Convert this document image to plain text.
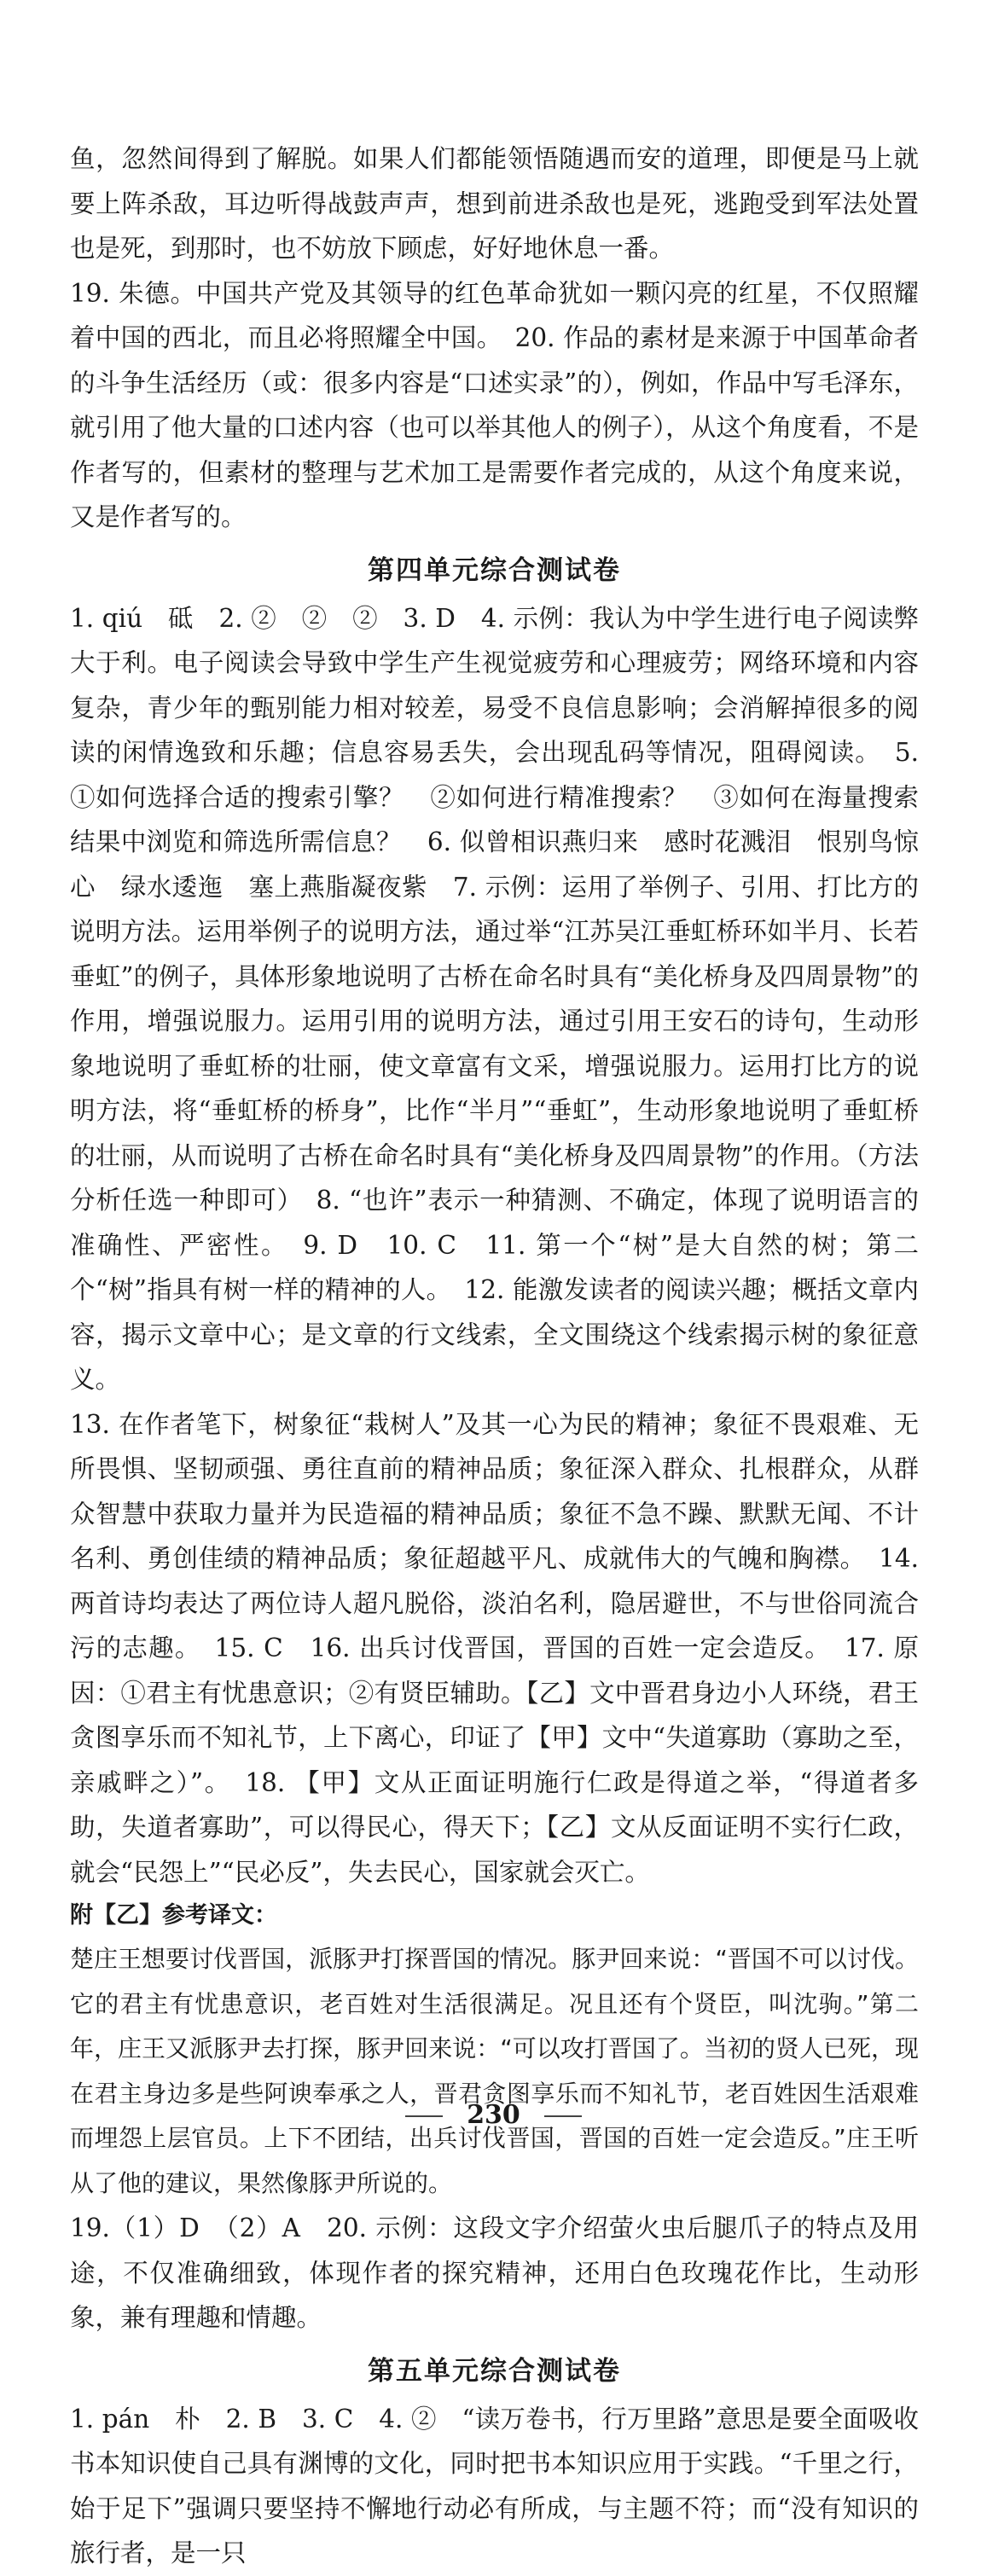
鱼，忽然间得到了解脱。如果人们都能领悟随遇而安的道理，即便是马上就要上阵杀敌，耳边听得战鼓声声，想到前进杀敌也是死，逃跑受到军法处置也是死，到那时，也不妨放下顾虑，好好地休息一番。

19. 朱德。中国共产党及其领导的红色革命犹如一颗闪亮的红星，不仅照耀着中国的西北，而且必将照耀全中国。　20. 作品的素材是来源于中国革命者的斗争生活经历（或：很多内容是“口述实录”的），例如，作品中写毛泽东，就引用了他大量的口述内容（也可以举其他人的例子），从这个角度看，不是作者写的，但素材的整理与艺术加工是需要作者完成的，从这个角度来说，又是作者写的。

第四单元综合测试卷

1. qiú　砥　2. ②　②　②　3. D　4. 示例：我认为中学生进行电子阅读弊大于利。电子阅读会导致中学生产生视觉疲劳和心理疲劳；网络环境和内容复杂，青少年的甄别能力相对较差，易受不良信息影响；会消解掉很多的阅读的闲情逸致和乐趣；信息容易丢失，会出现乱码等情况，阻碍阅读。　5. ①如何选择合适的搜索引擎？　②如何进行精准搜索？　③如何在海量搜索结果中浏览和筛选所需信息？　6. 似曾相识燕归来　感时花溅泪　恨别鸟惊心　绿水逶迤　塞上燕脂凝夜紫　7. 示例：运用了举例子、引用、打比方的说明方法。运用举例子的说明方法，通过举“江苏吴江垂虹桥环如半月、长若垂虹”的例子，具体形象地说明了古桥在命名时具有“美化桥身及四周景物”的作用，增强说服力。运用引用的说明方法，通过引用王安石的诗句，生动形象地说明了垂虹桥的壮丽，使文章富有文采，增强说服力。运用打比方的说明方法，将“垂虹桥的桥身”，比作“半月”“垂虹”，生动形象地说明了垂虹桥的壮丽，从而说明了古桥在命名时具有“美化桥身及四周景物”的作用。（方法分析任选一种即可）　8. “也许”表示一种猜测、不确定，体现了说明语言的准确性、严密性。　9. D　10. C　11. 第一个“树”是大自然的树；第二个“树”指具有树一样的精神的人。　12. 能激发读者的阅读兴趣；概括文章内容，揭示文章中心；是文章的行文线索，全文围绕这个线索揭示树的象征意义。

13. 在作者笔下，树象征“栽树人”及其一心为民的精神；象征不畏艰难、无所畏惧、坚韧顽强、勇往直前的精神品质；象征深入群众、扎根群众，从群众智慧中获取力量并为民造福的精神品质；象征不急不躁、默默无闻、不计名利、勇创佳绩的精神品质；象征超越平凡、成就伟大的气魄和胸襟。　14. 两首诗均表达了两位诗人超凡脱俗，淡泊名利，隐居避世，不与世俗同流合污的志趣。　15. C　16. 出兵讨伐晋国，晋国的百姓一定会造反。　17. 原因：①君主有忧患意识；②有贤臣辅助。【乙】文中晋君身边小人环绕，君王贪图享乐而不知礼节，上下离心，印证了【甲】文中“失道寡助（寡助之至，亲戚畔之）”。　18. 【甲】文从正面证明施行仁政是得道之举，“得道者多助，失道者寡助”，可以得民心，得天下；【乙】文从反面证明不实行仁政，就会“民怨上”“民必反”，失去民心，国家就会灭亡。

附【乙】参考译文：

楚庄王想要讨伐晋国，派豚尹打探晋国的情况。豚尹回来说：“晋国不可以讨伐。它的君主有忧患意识，老百姓对生活很满足。况且还有个贤臣，叫沈驹。”第二年，庄王又派豚尹去打探，豚尹回来说：“可以攻打晋国了。当初的贤人已死，现在君主身边多是些阿谀奉承之人，晋君贪图享乐而不知礼节，老百姓因生活艰难而埋怨上层官员。上下不团结，出兵讨伐晋国，晋国的百姓一定会造反。”庄王听从了他的建议，果然像豚尹所说的。

19.（1）D　（2）A　20. 示例：这段文字介绍萤火虫后腿爪子的特点及用途，不仅准确细致，体现作者的探究精神，还用白色玫瑰花作比，生动形象，兼有理趣和情趣。

第五单元综合测试卷

1. pán　朴　2. B　3. C　4. ②　“读万卷书，行万里路”意思是要全面吸收书本知识使自己具有渊博的文化，同时把书本知识应用于实践。“千里之行，始于足下”强调只要坚持不懈地行动必有所成，与主题不符；而“没有知识的旅行者，是一只

230
